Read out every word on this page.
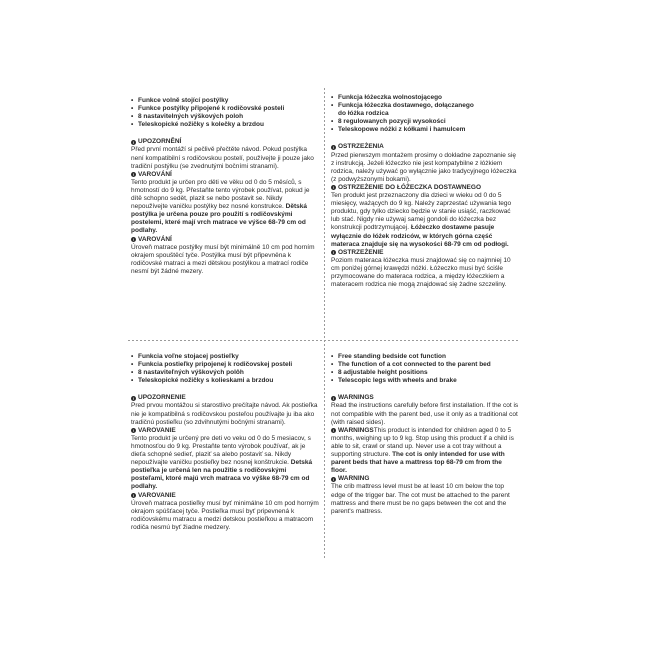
• Funkce volně stojící postýlky
• Funkce postýlky připojené k rodičovské posteli
• 8 nastavitelných výškových poloh
• Teleskopické nožičky s kolečky a brzdou
! UPOZORNĚNÍ

Před první montáží si pečlivě přečtěte návod. Pokud postýlka není kompatibilní s rodičovskou postelí, používejte ji pouze jako tradiční postýlku (se zvednutými bočními stranami).

! VAROVÁNÍ

Tento produkt je určen pro děti ve věku od 0 do 5 měsíců, s hmotností do 9 kg. Přestaňte tento výrobek používat, pokud je dítě schopno sedět, plazit se nebo postavit se. Nikdy nepoužívejte vaničku postýlky bez nosné konstrukce. Dětská postýlka je určena pouze pro použití s rodičovskými postelemi, které mají vrch matrace ve výšce 68-79 cm od podlahy.

! VAROVÁNÍ

Úroveň matrace postýlky musí být minimálně 10 cm pod horním okrajem spouštěcí tyče. Postýlka musí být připevněna k rodičovské matraci a mezi dětskou postýlkou a matrací rodiče nesmí být žádné mezery.

• Funkcja łóżeczka wolnostojącego
• Funkcja łóżeczka dostawnego, dołączanego
do łóżka rodzica
• 8 regulowanych pozycji wysokości
• Teleskopowe nóżki z kółkami i hamulcem
! OSTRZEŻENIA

Przed pierwszym montażem prosimy o dokładne zapoznanie się z instrukcją. Jeżeli łóżeczko nie jest kompatybilne z łóżkiem rodzica, należy używać go wyłącznie jako tradycyjnego łóżeczka (z podwyższonymi bokami).

! OSTRZEŻENIE DO ŁÓŻECZKA DOSTAWNEGO

Ten produkt jest przeznaczony dla dzieci w wieku od 0 do 5 miesięcy, ważących do 9 kg. Należy zaprzestać używania tego produktu, gdy tylko dziecko będzie w stanie usiąść, raczkować lub stać. Nigdy nie używaj samej gondoli do łóżeczka bez konstrukcji podtrzymującej. Łóżeczko dostawne pasuje wyłącznie do łóżek rodziców, w których górna część materaca znajduje się na wysokości 68-79 cm od podłogi.

! OSTRZEŻENIE

Poziom materaca łóżeczka musi znajdować się co najmniej 10 cm poniżej górnej krawędzi nóżki. Łóżeczko musi być ściśle przymocowane do materaca rodzica, a między łóżeczkiem a materacem rodzica nie mogą znajdować się żadne szczeliny.

• Funkcia voľne stojacej postieľky
• Funkcia postieľky pripojenej k rodičovskej posteli
• 8 nastaviteľných výškových polôh
• Teleskopické nožičky s kolieskami a brzdou
! UPOZORNENIE

Pred prvou montážou si starostlivo prečítajte návod. Ak postieľka nie je kompatibilná s rodičovskou posteľou používajte ju iba ako tradičnú postieľku (so zdvihnutými bočnými stranami).

! VAROVANIE

Tento produkt je určený pre deti vo veku od 0 do 5 mesiacov, s hmotnosťou do 9 kg. Prestaňte tento výrobok používať, ak je dieťa schopné sedieť, plaziť sa alebo postaviť sa. Nikdy nepoužívajte vaničku postieľky bez nosnej konštrukcie. Detská postieľka je určená len na použitie s rodičovskými posteľami, ktoré majú vrch matraca vo výške 68-79 cm od podlahy.

! VAROVANIE

Úroveň matraca postieľky musí byť minimálne 10 cm pod horným okrajom spúšťacej tyče. Postieľka musí byť pripevnená k rodičovskému matracu a medzi detskou postieľkou a matracom rodiča nesmú byť žiadne medzery.

• Free standing bedside cot function
• The function of a cot connected to the parent bed
• 8 adjustable height positions
• Telescopic legs with wheels and brake
! WARNINGS

Read the instructions carefully before first installation. If the cot is not compatible with the parent bed, use it only as a traditional cot (with raised sides).

! WARNINGSThis product is intended for children aged 0 to 5 months, weighing up to 9 kg. Stop using this product if a child is able to sit, crawl or stand up. Never use a cot tray without a supporting structure. The cot is only intended for use with parent beds that have a mattress top 68-79 cm from the floor.

! WARNING

The crib mattress level must be at least 10 cm below the top edge of the trigger bar. The cot must be attached to the parent mattress and there must be no gaps between the cot and the parent's mattress.
